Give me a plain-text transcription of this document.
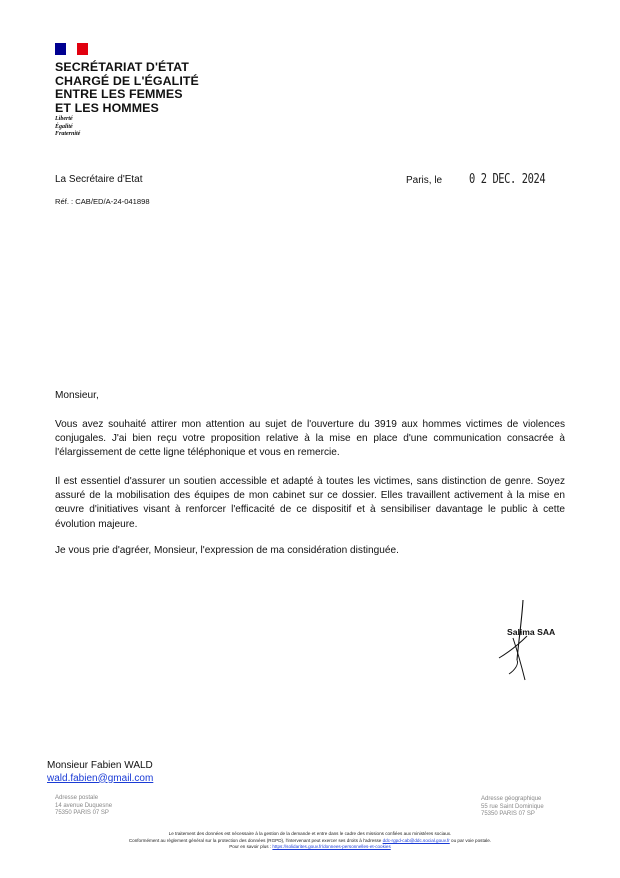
SECRÉTARIAT D'ÉTAT
CHARGÉ DE L'ÉGALITÉ
ENTRE LES FEMMES
ET LES HOMMES
Liberté
Égalité
Fraternité
La Secrétaire d'Etat
Réf. : CAB/ED/A-24-041898
Paris, le 0 2 DEC. 2024
Monsieur,
Vous avez souhaité attirer mon attention au sujet de l'ouverture du 3919 aux hommes victimes de violences conjugales. J'ai bien reçu votre proposition relative à la mise en place d'une communication consacrée à l'élargissement de cette ligne téléphonique et vous en remercie.
Il est essentiel d'assurer un soutien accessible et adapté à toutes les victimes, sans distinction de genre. Soyez assuré de la mobilisation des équipes de mon cabinet sur ce dossier. Elles travaillent activement à la mise en œuvre d'initiatives visant à renforcer l'efficacité de ce dispositif et à sensibiliser davantage le public à cette évolution majeure.
Je vous prie d'agréer, Monsieur, l'expression de ma considération distinguée.
Salima SAA
Monsieur Fabien WALD
wald.fabien@gmail.com
Adresse postale
14 avenue Duquesne
75350 PARIS 07 SP
Adresse géographique
55 rue Saint Dominique
75350 PARIS 07 SP
Le traitement des données est nécessaire à la gestion de la demande et entre dans le cadre des missions confiées aux ministères sociaux.
Conformément au règlement général sur la protection des données (RGPD), l'intervenant peut exercer ses droits à l'adresse ddc-rgpd-cab@ddc.social.gouv.fr ou par voie postale.
Pour en savoir plus : https://solidarites.gouv.fr/donnees-personnelles-et-cookies
